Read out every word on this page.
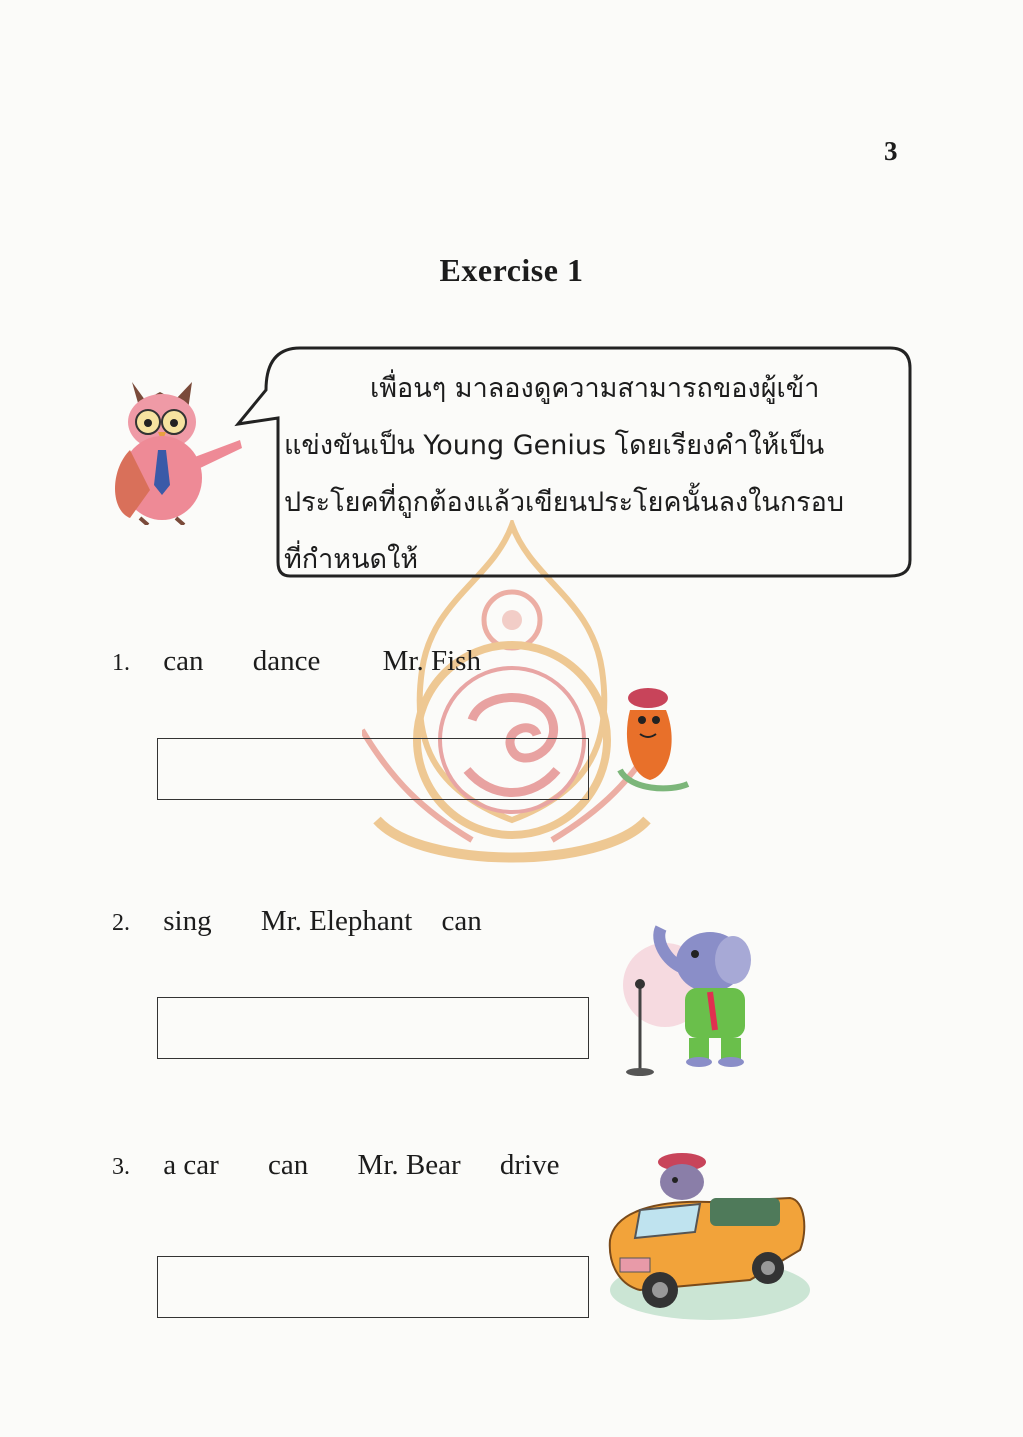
3
Exercise 1
เพื่อนๆ มาลองดูความสามารถของผู้เข้า
แข่งขันเป็น Young Genius โดยเรียงคำให้เป็น
ประโยคที่ถูกต้องแล้วเขียนประโยคนั้นลงในกรอบ
ที่กำหนดให้
1. can dance Mr. Fish
2. sing Mr. Elephant can
3. a car can Mr. Bear drive
